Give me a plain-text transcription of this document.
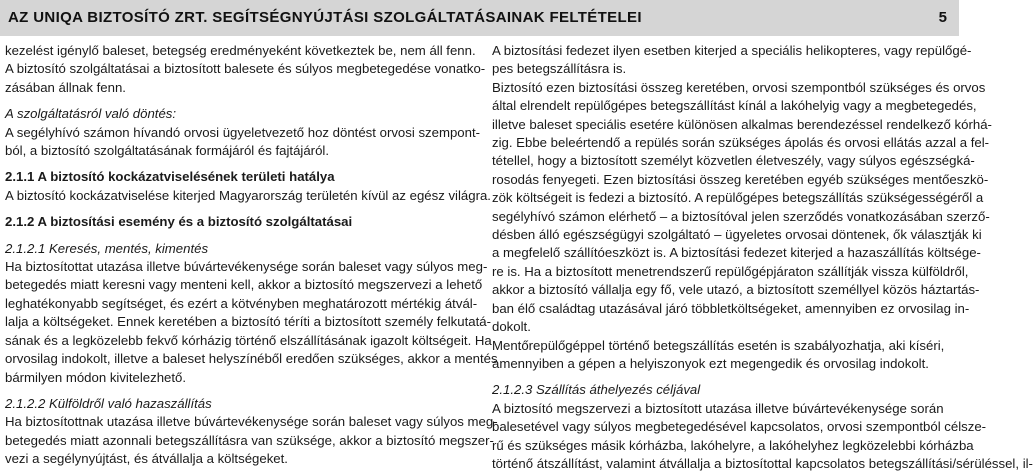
AZ UNIQA BIZTOSÍTÓ ZRT. SEGÍTSÉGNYÚJTÁSI SZOLGÁLTATÁSAINAK FELTÉTELEI	5
kezelést igénylő baleset, betegség eredményeként következtek be, nem áll fenn.
A biztosító szolgáltatásai a biztosított balesete és súlyos megbetegedése vonatko-
zásában állnak fenn.
A szolgáltatásról való döntés:
A segélyhívó számon hívandó orvosi ügyeletvezető hoz döntést orvosi szempont-
ból, a biztosító szolgáltatásának formájáról és fajtájáról.
2.1.1 A biztosító kockázatviselésének területi hatálya
A biztosító kockázatviselése kiterjed Magyarország területén kívül az egész világra.
2.1.2 A biztosítási esemény és a biztosító szolgáltatásai
2.1.2.1 Keresés, mentés, kimentés
Ha biztosítottat utazása illetve búvártevékenysége során baleset vagy súlyos meg-
betegedés miatt keresni vagy menteni kell, akkor a biztosító megszervezi a lehető
leghatékonyabb segítséget, és ezért a kötvényben meghatározott mértékig átvál-
lalja a költségeket. Ennek keretében a biztosító téríti a biztosított személy felkutatá-
sának és a legközelebb fekvő kórházig történő elszállításának igazolt költségeit. Ha
orvosilag indokolt, illetve a baleset helyszínéből eredően szükséges, akkor a mentés
bármilyen módon kivitelezhető.
2.1.2.2 Külföldről való hazaszállítás
Ha biztosítottnak utazása illetve búvártevékenysége során baleset vagy súlyos meg-
betegedés miatt azonnali betegszállításra van szüksége, akkor a biztosító megszer-
vezi a segélynyújtást, és átvállalja a költségeket.
A biztosítási fedezet ilyen esetben kiterjed a speciális helikopteres, vagy repülőgé-
pes betegszállításra is.
Biztosító ezen biztosítási összeg keretében, orvosi szempontból szükséges és orvos
által elrendelt repülőgépes betegszállítást kínál a lakóhelyig vagy a megbetegedés,
illetve baleset speciális esetére különösen alkalmas berendezéssel rendelkező kórhá-
zig. Ebbe beleértendő a repülés során szükséges ápolás és orvosi ellátás azzal a fel-
tétellel, hogy a biztosított személyt közvetlen életveszély, vagy súlyos egészségká-
rosodás fenyegeti. Ezen biztosítási összeg keretében egyéb szükséges mentőeszkö-
zök költségeit is fedezi a biztosító. A repülőgépes betegszállítás szükségességéről a
segélyhívó számon elérhető – a biztosítóval jelen szerződés vonatkozásában szerző-
désben álló egészségügyi szolgáltató – ügyeletes orvosai döntenek, ők választják ki
a megfelelő szállítóeszközt is. A biztosítási fedezet kiterjed a hazaszállítás költsége-
re is. Ha a biztosított menetrendszerű repülőgépjáraton szállítják vissza külföldről,
akkor a biztosító vállalja egy fő, vele utazó, a biztosított személlyel közös háztartás-
ban élő családtag utazásával járó többletköltségeket, amennyiben ez orvosilag in-
dokolt.
Mentőrepülőgéppel történő betegszállítás esetén is szabályozhatja, aki kíséri,
amennyiben a gépen a helyiszonyok ezt megengedik és orvosilag indokolt.
2.1.2.3 Szállítás áthelyezés céljával
A biztosító megszervezi a biztosított utazása illetve búvártevékenysége során
balesetével vagy súlyos megbetegedésével kapcsolatos, orvosi szempontból célsze-
rű és szükséges másik kórházba, lakóhelyre, a lakóhelyhez legközelebbi kórházba
történő átszállítást, valamint átvállalja a biztosítottal kapcsolatos betegszállítási/sérüléssel, il-
